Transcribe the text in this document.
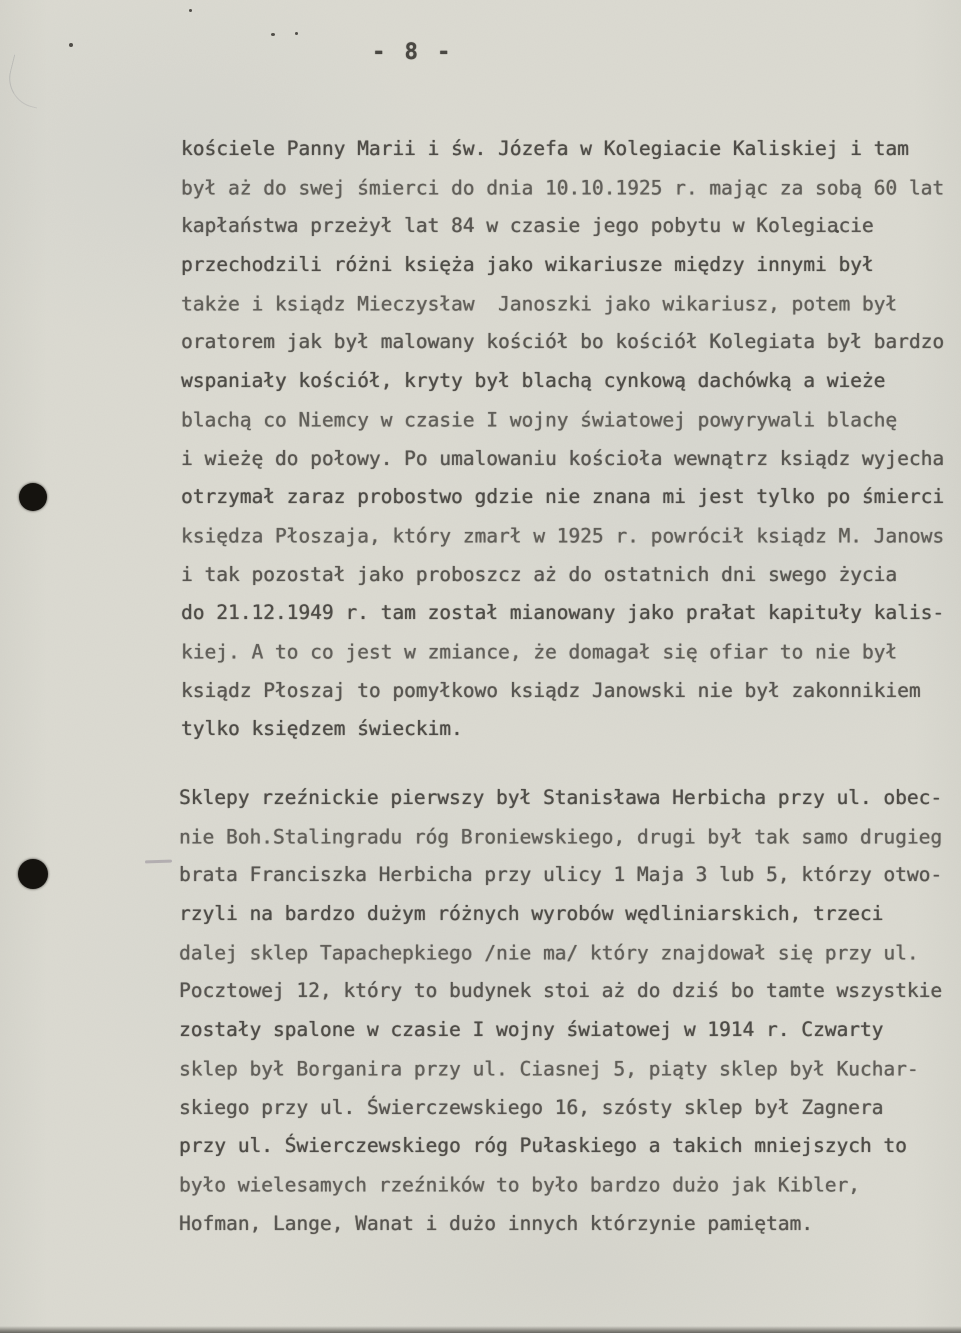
- 8 -
kościele Panny Marii i św. Józefa w Kolegiacie Kaliskiej i tam
był aż do swej śmierci do dnia 10.10.1925 r. mając za sobą 60 lat
kapłaństwa przeżył lat 84 w czasie jego pobytu w Kolegiacie
przechodzili różni księża jako wikariusze między innymi był
także i ksiądz Mieczysław  Janoszki jako wikariusz, potem był
oratorem jak był malowany kościół bo kościół Kolegiata był bardzo
wspaniały kościół, kryty był blachą cynkową dachówką a wieże
blachą co Niemcy w czasie I wojny światowej powyrywali blachę
i wieżę do połowy. Po umalowaniu kościoła wewnątrz ksiądz wyjecha
otrzymał zaraz probostwo gdzie nie znana mi jest tylko po śmierci
księdza Płoszaja, który zmarł w 1925 r. powrócił ksiądz M. Janows
i tak pozostał jako proboszcz aż do ostatnich dni swego życia
do 21.12.1949 r. tam został mianowany jako prałat kapituły kalis-
kiej. A to co jest w zmiance, że domagał się ofiar to nie był
ksiądz Płoszaj to pomyłkowo ksiądz Janowski nie był zakonnikiem
tylko księdzem świeckim.
Sklepy rzeźnickie pierwszy był Stanisława Herbicha przy ul. obec-
nie Boh.Stalingradu róg Broniewskiego, drugi był tak samo drugieg
brata Franciszka Herbicha przy ulicy 1 Maja 3 lub 5, którzy otwo-
rzyli na bardzo dużym różnych wyrobów wędliniarskich, trzeci
dalej sklep Tapachepkiego /nie ma/ który znajdował się przy ul.
Pocztowej 12, który to budynek stoi aż do dziś bo tamte wszystkie
zostały spalone w czasie I wojny światowej w 1914 r. Czwarty
sklep był Borganira przy ul. Ciasnej 5, piąty sklep był Kuchar-
skiego przy ul. Świerczewskiego 16, szósty sklep był Zagnera
przy ul. Świerczewskiego róg Pułaskiego a takich mniejszych to
było wielesamych rzeźników to było bardzo dużo jak Kibler,
Hofman, Lange, Wanat i dużo innych którzynie pamiętam.
